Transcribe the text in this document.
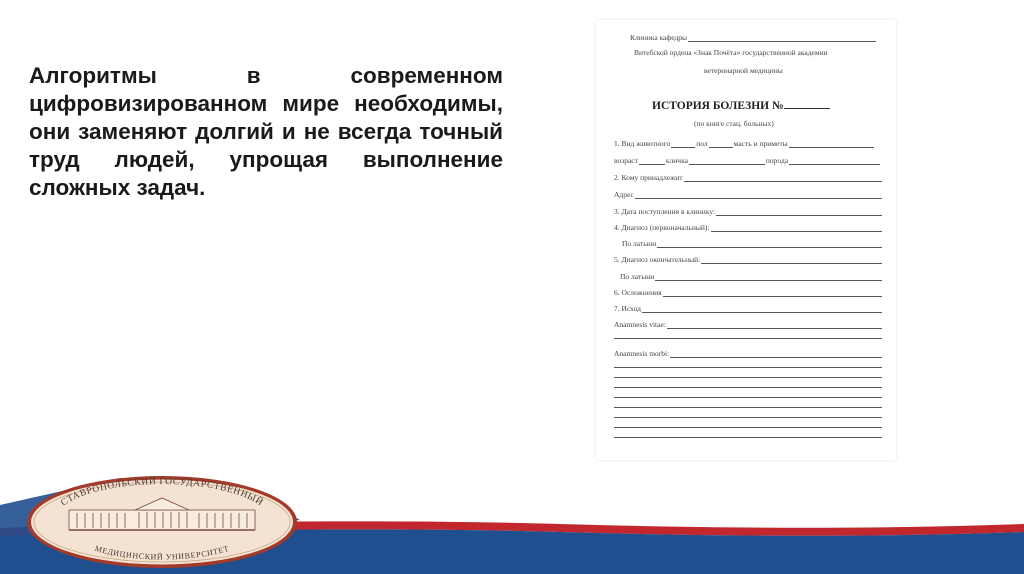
Алгоритмы в современном цифровизированном мире необходимы, они заменяют долгий и не всегда точный труд людей, упрощая выполнение сложных задач.

Клиника кафедры
Витебской ордена «Знак Почёта» государственной академии
ветеринарной медицины
ИСТОРИЯ БОЛЕЗНИ №
(по книге стац. больных)
1. Вид животного	пол	масть и приметы
возраст	кличка	порода
2. Кому принадлежит
Адрес
3. Дата поступления в клинику:
4. Диагноз (первоначальный):
По латыни
5. Диагноз окончательный:
По латыни
6. Осложнения
7. Исход
Anamnesis vitae:
Anamnesis morbi:
СТАВРОПОЛЬСКИЙ ГОСУДАРСТВЕННЫЙ
МЕДИЦИНСКИЙ УНИВЕРСИТЕТ
